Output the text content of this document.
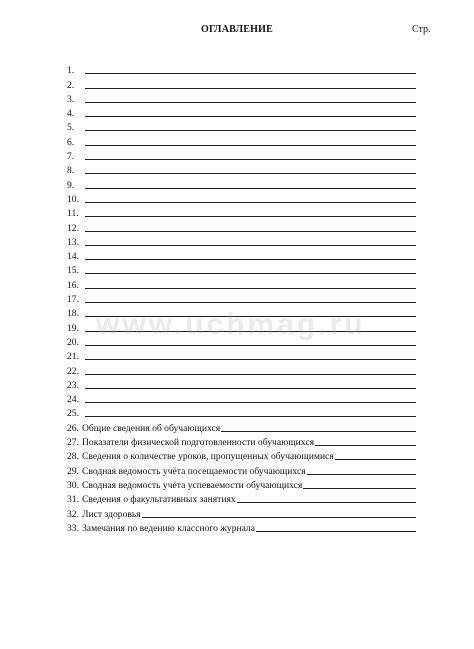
ОГЛАВЛЕНИЕ	Стр.
1.
2.
3.
4.
5.
6.
7.
8.
9.
10.
11.
12.
13.
14.
15.
16.
17.
18.
19.
20.
21.
22.
23.
24.
25.
26. Общие сведения об обучающихся
27. Показатели физической подготовленности обучающихся
28. Сведения о количестве уроков, пропущенных обучающимися
29. Сводная ведомость учёта посещаемости обучающихся
30. Сводная ведомость учёта успеваемости обучающихся
31. Сведения о факультативных занятиях
32. Лист здоровья
33. Замечания по ведению классного журнала
www.uchmag.ru
